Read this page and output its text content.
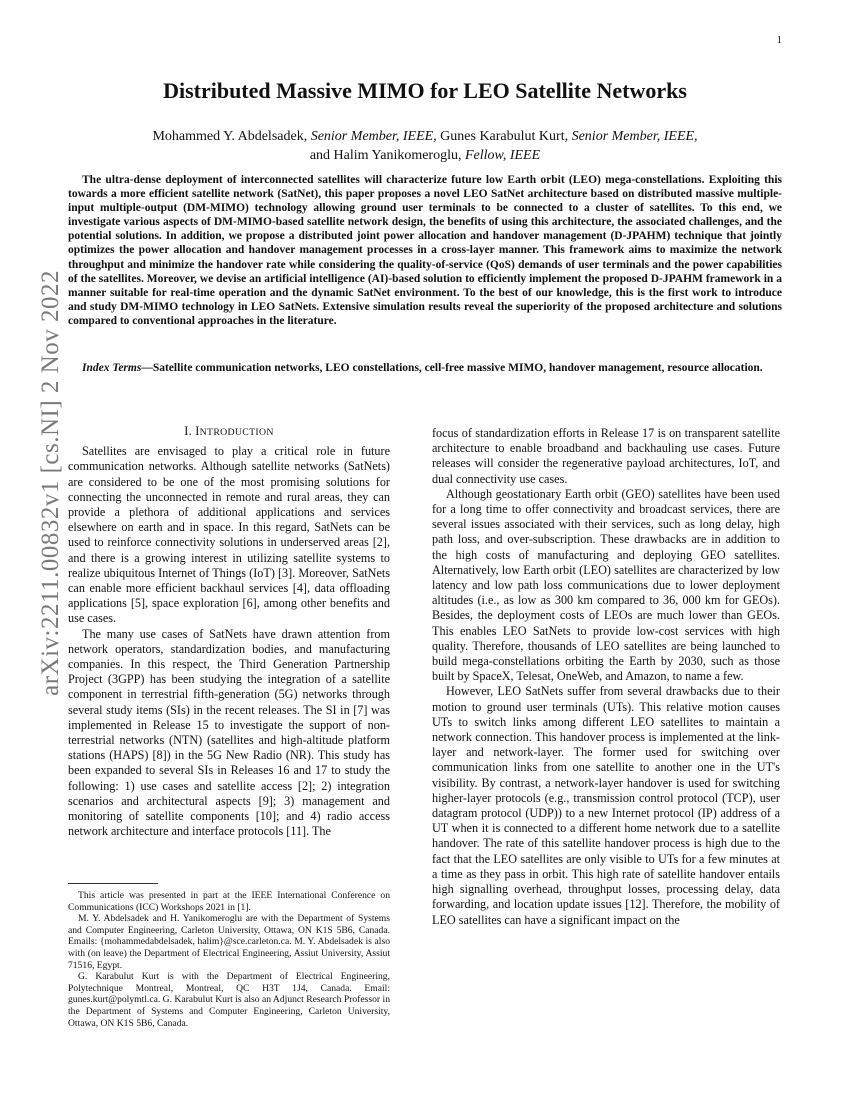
1
arXiv:2211.00832v1 [cs.NI] 2 Nov 2022
Distributed Massive MIMO for LEO Satellite Networks
Mohammed Y. Abdelsadek, Senior Member, IEEE, Gunes Karabulut Kurt, Senior Member, IEEE,
and Halim Yanikomeroglu, Fellow, IEEE

The ultra-dense deployment of interconnected satellites will characterize future low Earth orbit (LEO) mega-constellations. Exploiting this towards a more efficient satellite network (SatNet), this paper proposes a novel LEO SatNet architecture based on distributed massive multiple-input multiple-output (DM-MIMO) technology allowing ground user terminals to be connected to a cluster of satellites. To this end, we investigate various aspects of DM-MIMO-based satellite network design, the benefits of using this architecture, the associated challenges, and the potential solutions. In addition, we propose a distributed joint power allocation and handover management (D-JPAHM) technique that jointly optimizes the power allocation and handover management processes in a cross-layer manner. This framework aims to maximize the network throughput and minimize the handover rate while considering the quality-of-service (QoS) demands of user terminals and the power capabilities of the satellites. Moreover, we devise an artificial intelligence (AI)-based solution to efficiently implement the proposed D-JPAHM framework in a manner suitable for real-time operation and the dynamic SatNet environment. To the best of our knowledge, this is the first work to introduce and study DM-MIMO technology in LEO SatNets. Extensive simulation results reveal the superiority of the proposed architecture and solutions compared to conventional approaches in the literature.

Index Terms—Satellite communication networks, LEO constellations, cell-free massive MIMO, handover management, resource allocation.

I. INTRODUCTION

Satellites are envisaged to play a critical role in future communication networks. Although satellite networks (SatNets) are considered to be one of the most promising solutions for connecting the unconnected in remote and rural areas, they can provide a plethora of additional applications and services elsewhere on earth and in space. In this regard, SatNets can be used to reinforce connectivity solutions in underserved areas [2], and there is a growing interest in utilizing satellite systems to realize ubiquitous Internet of Things (IoT) [3]. Moreover, SatNets can enable more efficient backhaul services [4], data offloading applications [5], space exploration [6], among other benefits and use cases.

The many use cases of SatNets have drawn attention from network operators, standardization bodies, and manufacturing companies. In this respect, the Third Generation Partnership Project (3GPP) has been studying the integration of a satellite component in terrestrial fifth-generation (5G) networks through several study items (SIs) in the recent releases. The SI in [7] was implemented in Release 15 to investigate the support of non-terrestrial networks (NTN) (satellites and high-altitude platform stations (HAPS) [8]) in the 5G New Radio (NR). This study has been expanded to several SIs in Releases 16 and 17 to study the following: 1) use cases and satellite access [2]; 2) integration scenarios and architectural aspects [9]; 3) management and monitoring of satellite components [10]; and 4) radio access network architecture and interface protocols [11]. The

This article was presented in part at the IEEE International Conference on Communications (ICC) Workshops 2021 in [1].

M. Y. Abdelsadek and H. Yanikomeroglu are with the Department of Systems and Computer Engineering, Carleton University, Ottawa, ON K1S 5B6, Canada. Emails: {mohammedabdelsadek, halim}@sce.carleton.ca. M. Y. Abdelsadek is also with (on leave) the Department of Electrical Engineering, Assiut University, Assiut 71516, Egypt.

G. Karabulut Kurt is with the Department of Electrical Engineering, Polytechnique Montreal, Montreal, QC H3T 1J4, Canada. Email: gunes.kurt@polymtl.ca. G. Karabulut Kurt is also an Adjunct Research Professor in the Department of Systems and Computer Engineering, Carleton University, Ottawa, ON K1S 5B6, Canada.

focus of standardization efforts in Release 17 is on transparent satellite architecture to enable broadband and backhauling use cases. Future releases will consider the regenerative payload architectures, IoT, and dual connectivity use cases.

Although geostationary Earth orbit (GEO) satellites have been used for a long time to offer connectivity and broadcast services, there are several issues associated with their services, such as long delay, high path loss, and over-subscription. These drawbacks are in addition to the high costs of manufacturing and deploying GEO satellites. Alternatively, low Earth orbit (LEO) satellites are characterized by low latency and low path loss communications due to lower deployment altitudes (i.e., as low as 300 km compared to 36, 000 km for GEOs). Besides, the deployment costs of LEOs are much lower than GEOs. This enables LEO SatNets to provide low-cost services with high quality. Therefore, thousands of LEO satellites are being launched to build mega-constellations orbiting the Earth by 2030, such as those built by SpaceX, Telesat, OneWeb, and Amazon, to name a few.

However, LEO SatNets suffer from several drawbacks due to their motion to ground user terminals (UTs). This relative motion causes UTs to switch links among different LEO satellites to maintain a network connection. This handover process is implemented at the link-layer and network-layer. The former used for switching over communication links from one satellite to another one in the UT's visibility. By contrast, a network-layer handover is used for switching higher-layer protocols (e.g., transmission control protocol (TCP), user datagram protocol (UDP)) to a new Internet protocol (IP) address of a UT when it is connected to a different home network due to a satellite handover. The rate of this satellite handover process is high due to the fact that the LEO satellites are only visible to UTs for a few minutes at a time as they pass in orbit. This high rate of satellite handover entails high signalling overhead, throughput losses, processing delay, data forwarding, and location update issues [12]. Therefore, the mobility of LEO satellites can have a significant impact on the
